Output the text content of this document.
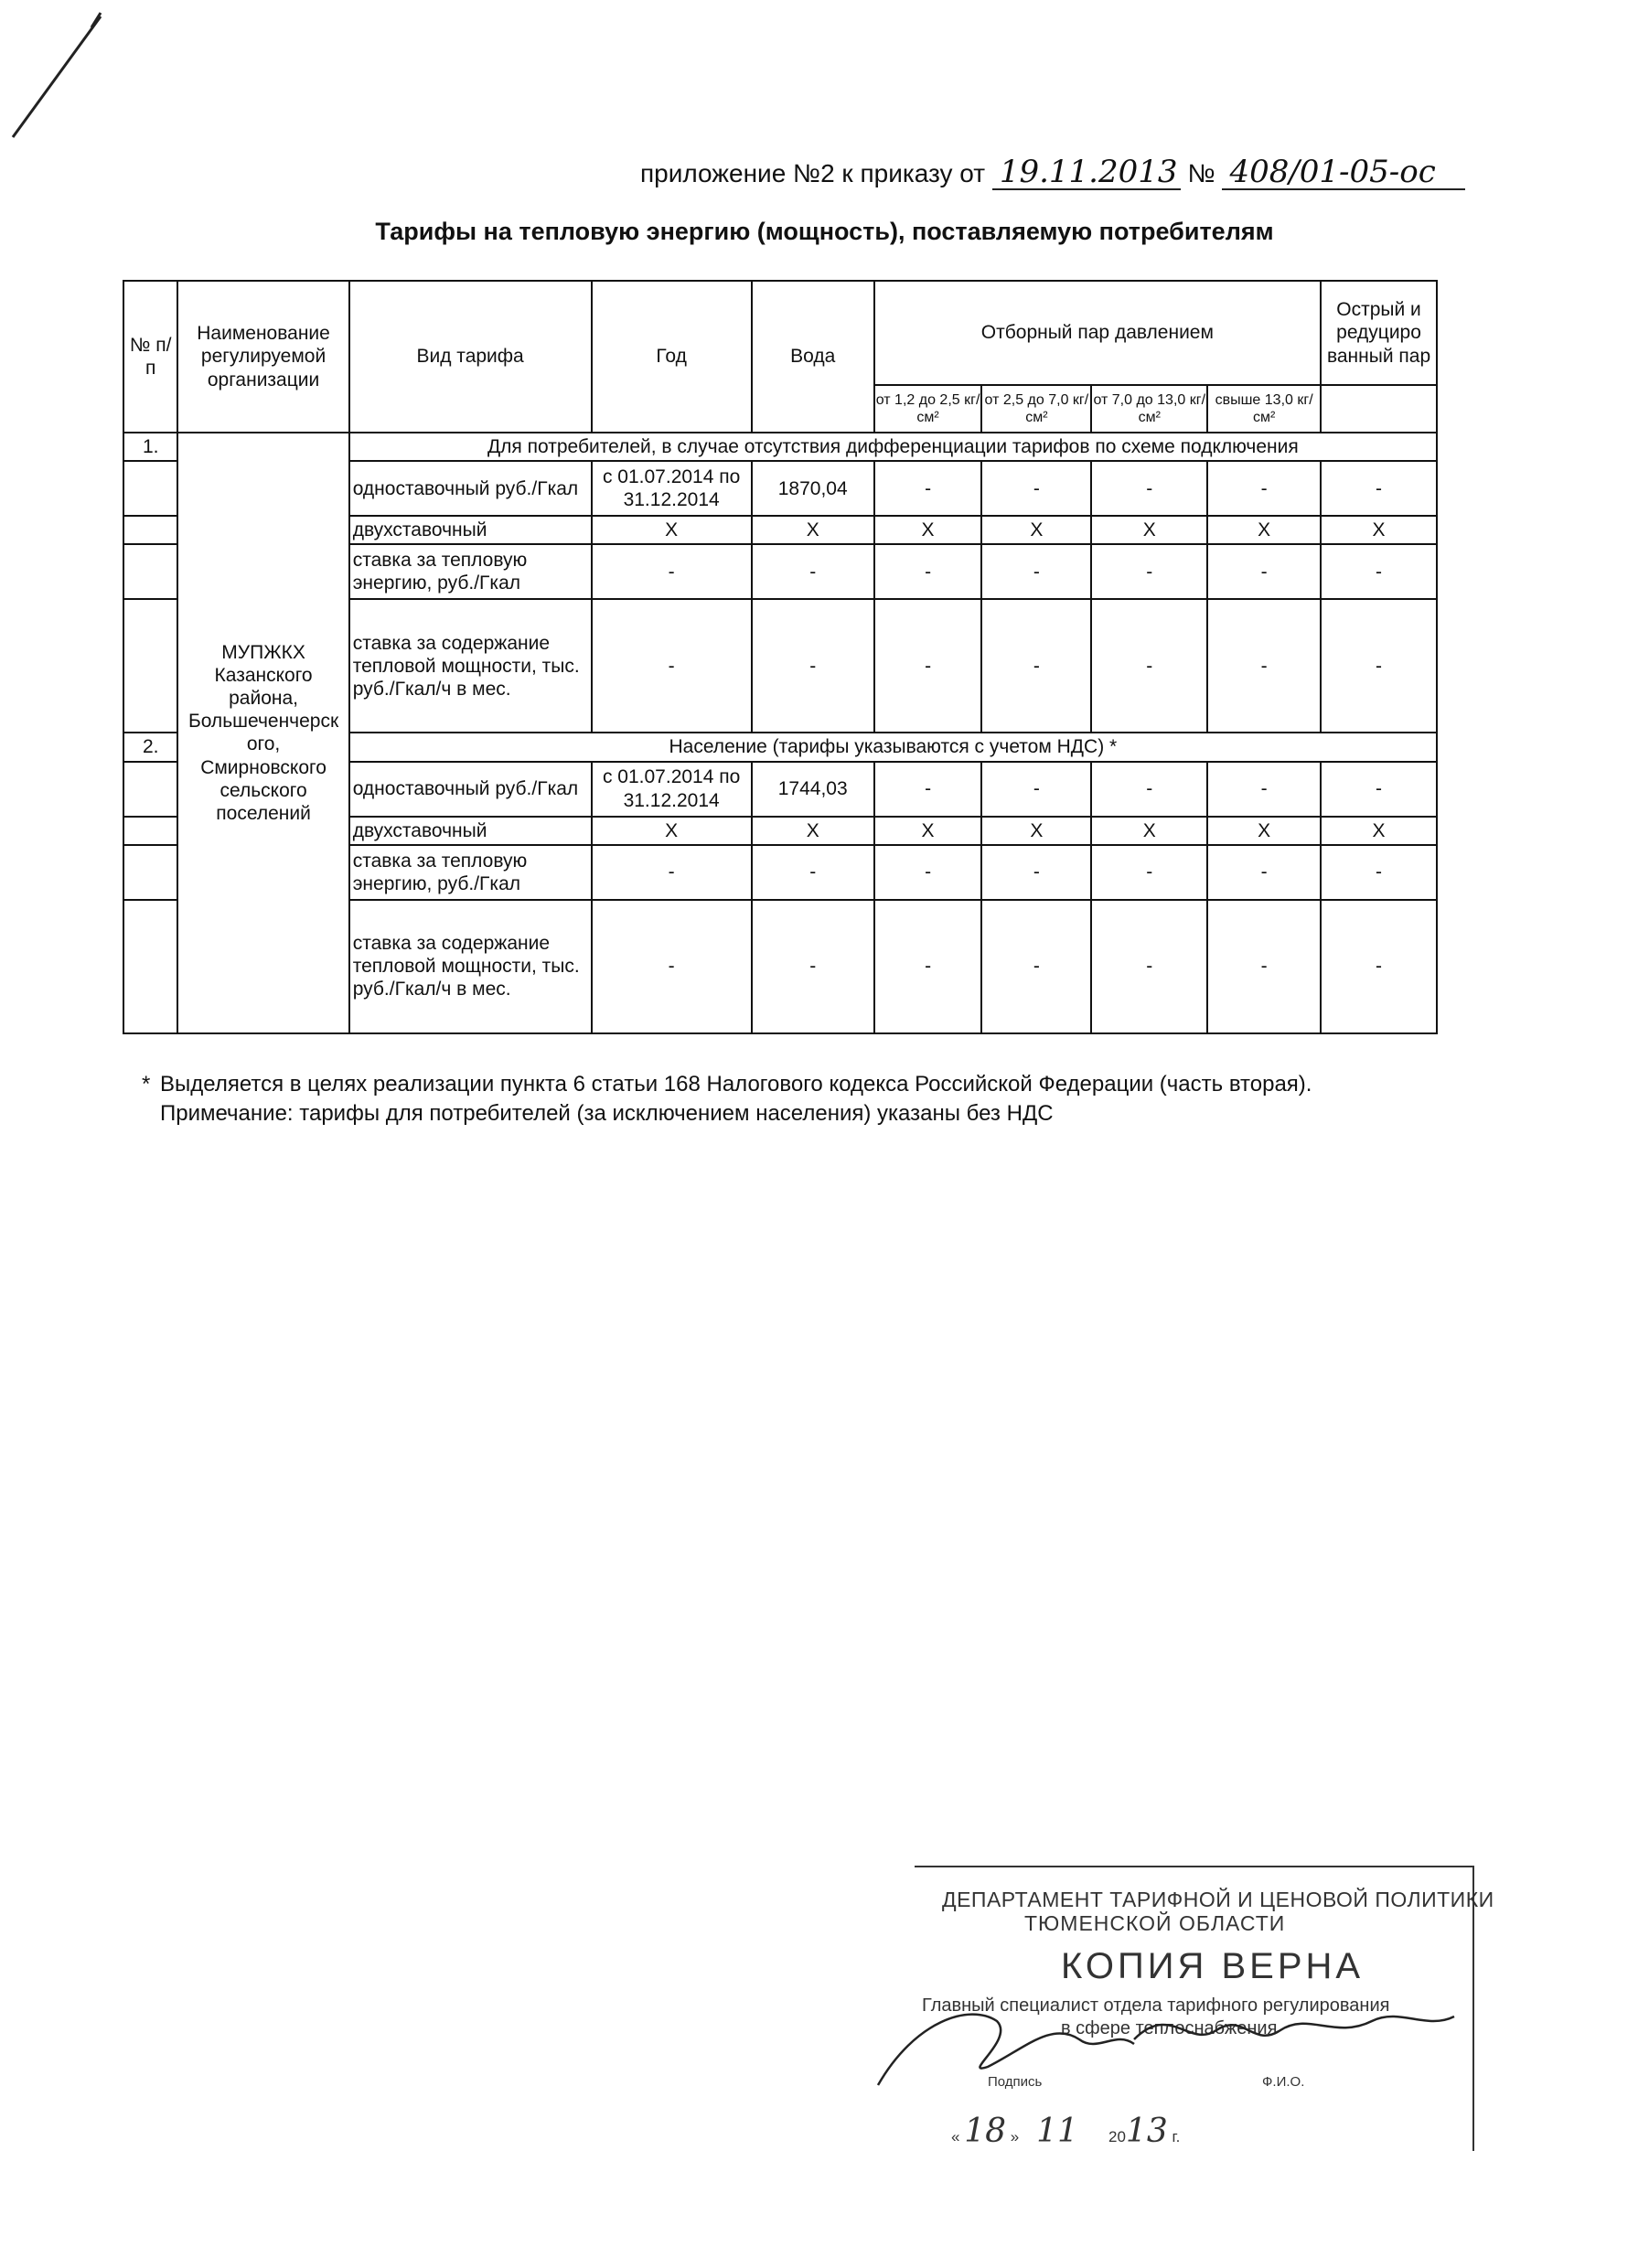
приложение №2 к приказу от 19.11.2013 № 408/01-05-ос
Тарифы на тепловую энергию (мощность), поставляемую потребителям
№ п/п	Наименование регулируемой организации	Вид тарифа	Год	Вода	Отборный пар давлением				Острый и редуциро ванный пар
					от 1,2 до 2,5 кг/см²	от 2,5 до 7,0 кг/см²	от 7,0 до 13,0 кг/см²	свыше 13,0 кг/см²	
1.	МУПЖКХ Казанского района, Большеченчерск ого, Смирновского сельского поселений	Для потребителей, в случае отсутствия дифференциации тарифов по схеме подключения							
		одноставочный руб./Гкал	с 01.07.2014 по 31.12.2014	1870,04	-	-	-	-	-
		двухставочный	X	X	X	X	X	X	X
		ставка за тепловую энергию, руб./Гкал	-	-	-	-	-	-	-
		ставка за содержание тепловой мощности, тыс. руб./Гкал/ч в мес.	-	-	-	-	-	-	-
2.		Население (тарифы указываются с учетом НДС) *							
		одноставочный руб./Гкал	с 01.07.2014 по 31.12.2014	1744,03	-	-	-	-	-
		двухставочный	X	X	X	X	X	X	X
		ставка за тепловую энергию, руб./Гкал	-	-	-	-	-	-	-
		ставка за содержание тепловой мощности, тыс. руб./Гкал/ч в мес.	-	-	-	-	-	-	-
* Выделяется в целях реализации пункта 6 статьи 168 Налогового кодекса Российской Федерации (часть вторая).
Примечание: тарифы для потребителей (за исключением населения) указаны без НДС
ДЕПАРТАМЕНТ ТАРИФНОЙ И ЦЕНОВОЙ ПОЛИТИКИ
ТЮМЕНСКОЙ ОБЛАСТИ
КОПИЯ ВЕРНА
Главный специалист отдела тарифного регулирования
в сфере теплоснабжения
Подпись	Ф.И.О.
« 18 » 11 2013 г.
